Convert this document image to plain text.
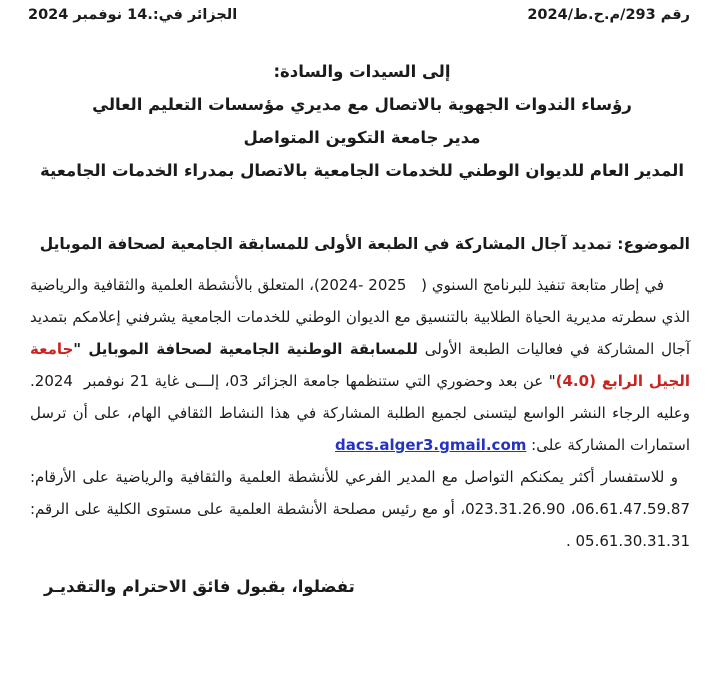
رقم 293/م.ح.ط/2024
الجزائر في:.14 نوفمبر 2024
إلى السيدات والسادة:
رؤساء الندوات الجهوية بالاتصال مع مديري مؤسسات التعليم العالي
مدير جامعة التكوين المتواصل
المدير العام للديوان الوطني للخدمات الجامعية بالاتصال بمدراء الخدمات الجامعية
الموضوع: تمديد آجال المشاركة في الطبعة الأولى للمسابقة الجامعية لصحافة الموبايل

في إطار متابعة تنفيذ للبرنامج السنوي (   2024- 2025)، المتعلق بالأنشطة العلمية والثقافية والرياضية الذي سطرته مديرية الحياة الطلابية بالتنسيق مع الديوان الوطني للخدمات الجامعية يشرفني إعلامكم بتمديد آجال المشاركة في فعاليات الطبعة الأولى للمسابقة الوطنية الجامعية لصحافة الموبايل "جامعة الجيل الرابع (4.0)" عن بعد وحضوري التي ستنظمها جامعة الجزائر 03، إلـــى غاية 21 نوفمبر  2024. وعليه الرجاء النشر الواسع ليتسنى لجميع الطلبة المشاركة في هذا النشاط الثقافي الهام، على أن ترسل استمارات المشاركة على: dacs.alger3.gmail.com

و للاستفسار أكثر يمكنكم التواصل مع المدير الفرعي للأنشطة العلمية والثقافية والرياضية على الأرقام: 06.61.47.59.87، 023.31.26.90، أو مع رئيس مصلحة الأنشطة العلمية على مستوى الكلية على الرقم: 05.61.30.31.31 .

تفضلوا، بقبول فائق الاحترام والتقديـر
